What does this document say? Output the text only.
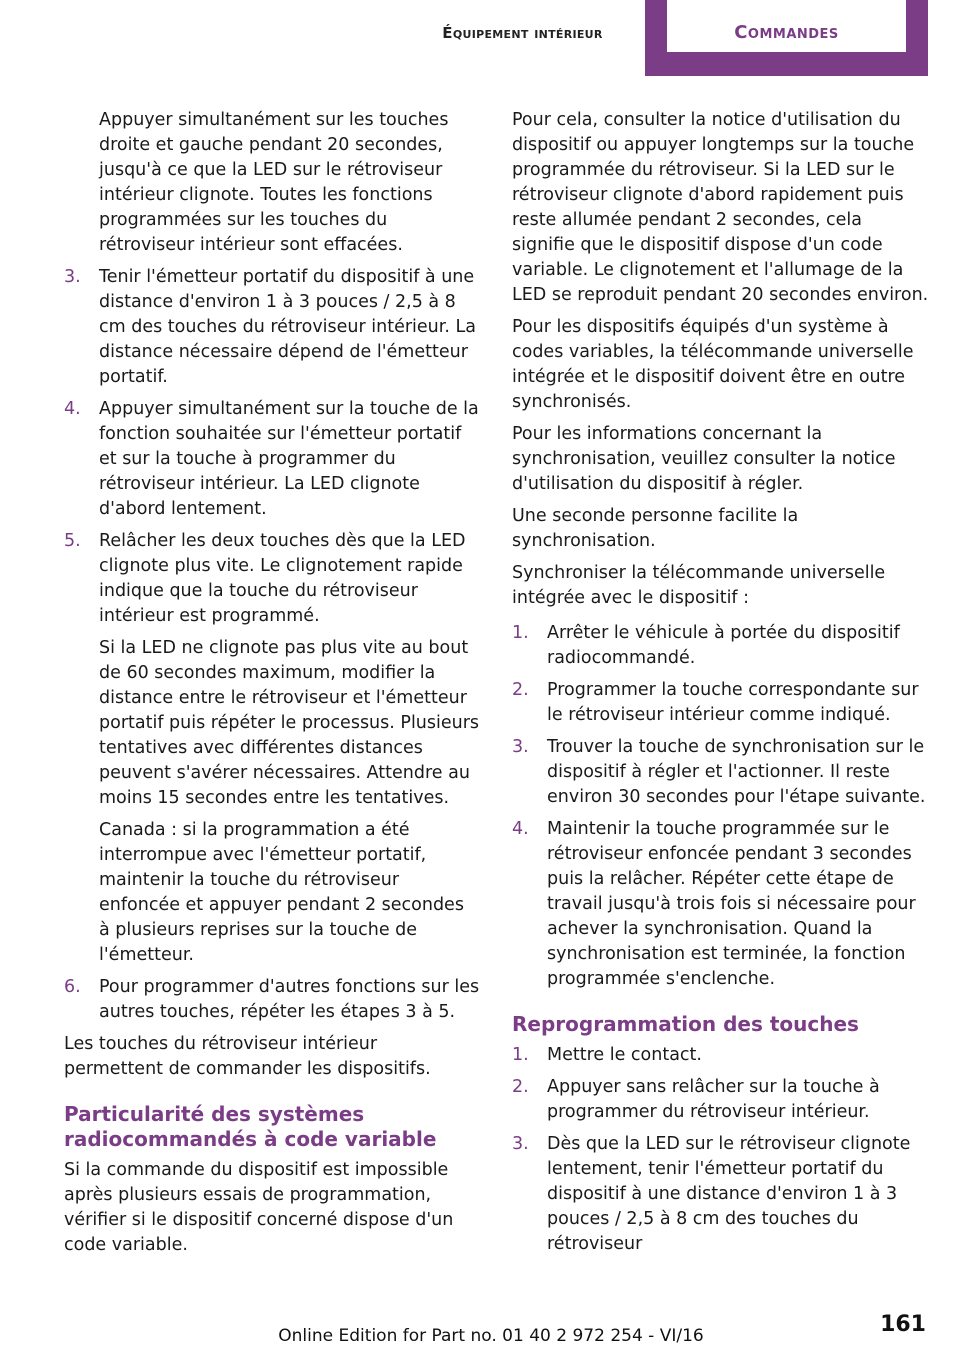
Équipement intérieur	Commandes

Appuyer simultanément sur les touches droite et gauche pendant 20 secondes, jusqu'à ce que la LED sur le rétroviseur intérieur clignote. Toutes les fonctions programmées sur les touches du rétroviseur intérieur sont effacées.

3. Tenir l'émetteur portatif du dispositif à une distance d'environ 1 à 3 pouces / 2,5 à 8 cm des touches du rétroviseur intérieur. La distance nécessaire dépend de l'émetteur portatif.

4. Appuyer simultanément sur la touche de la fonction souhaitée sur l'émetteur portatif et sur la touche à programmer du rétroviseur intérieur. La LED clignote d'abord lentement.

5. Relâcher les deux touches dès que la LED clignote plus vite. Le clignotement rapide indique que la touche du rétroviseur intérieur est programmé.

Si la LED ne clignote pas plus vite au bout de 60 secondes maximum, modifier la distance entre le rétroviseur et l'émetteur portatif puis répéter le processus. Plusieurs tentatives avec différentes distances peuvent s'avérer nécessaires. Attendre au moins 15 secondes entre les tentatives.

Canada : si la programmation a été interrompue avec l'émetteur portatif, maintenir la touche du rétroviseur enfoncée et appuyer pendant 2 secondes à plusieurs reprises sur la touche de l'émetteur.

6. Pour programmer d'autres fonctions sur les autres touches, répéter les étapes 3 à 5.

Les touches du rétroviseur intérieur permettent de commander les dispositifs.

Particularité des systèmes radiocommandés à code variable

Si la commande du dispositif est impossible après plusieurs essais de programmation, vérifier si le dispositif concerné dispose d'un code variable.

Pour cela, consulter la notice d'utilisation du dispositif ou appuyer longtemps sur la touche programmée du rétroviseur. Si la LED sur le rétroviseur clignote d'abord rapidement puis reste allumée pendant 2 secondes, cela signifie que le dispositif dispose d'un code variable. Le clignotement et l'allumage de la LED se reproduit pendant 20 secondes environ.

Pour les dispositifs équipés d'un système à codes variables, la télécommande universelle intégrée et le dispositif doivent être en outre synchronisés.

Pour les informations concernant la synchronisation, veuillez consulter la notice d'utilisation du dispositif à régler.

Une seconde personne facilite la synchronisation.

Synchroniser la télécommande universelle intégrée avec le dispositif :

1. Arrêter le véhicule à portée du dispositif radiocommandé.

2. Programmer la touche correspondante sur le rétroviseur intérieur comme indiqué.

3. Trouver la touche de synchronisation sur le dispositif à régler et l'actionner. Il reste environ 30 secondes pour l'étape suivante.

4. Maintenir la touche programmée sur le rétroviseur enfoncée pendant 3 secondes puis la relâcher. Répéter cette étape de travail jusqu'à trois fois si nécessaire pour achever la synchronisation. Quand la synchronisation est terminée, la fonction programmée s'enclenche.

Reprogrammation des touches
1. Mettre le contact.

2. Appuyer sans relâcher sur la touche à programmer du rétroviseur intérieur.

3. Dès que la LED sur le rétroviseur clignote lentement, tenir l'émetteur portatif du dispositif à une distance d'environ 1 à 3 pouces / 2,5 à 8 cm des touches du rétroviseur

Online Edition for Part no. 01 40 2 972 254 - VI/16	161
